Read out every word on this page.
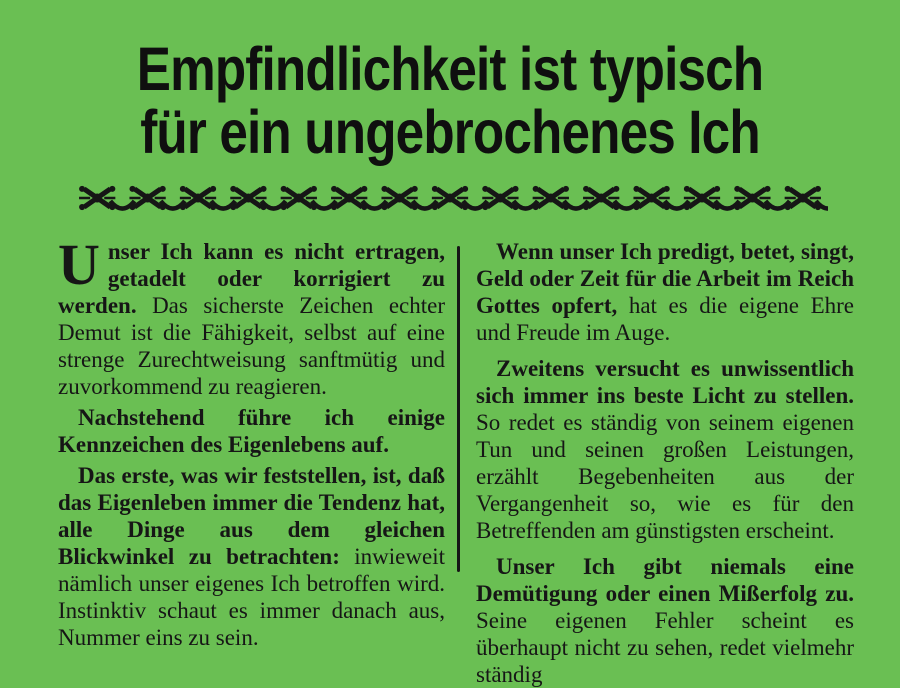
Empfindlichkeit ist typisch
für ein ungebrochenes Ich

Unser Ich kann es nicht ertragen, getadelt oder korrigiert zu werden. Das sicherste Zeichen echter Demut ist die Fähigkeit, selbst auf eine strenge Zurechtweisung sanftmütig und zuvorkommend zu reagieren.

Nachstehend führe ich einige Kennzeichen des Eigenlebens auf.

Das erste, was wir feststellen, ist, daß das Eigenleben immer die Tendenz hat, alle Dinge aus dem gleichen Blickwinkel zu betrachten: inwieweit nämlich unser eigenes Ich betroffen wird. Instinktiv schaut es immer danach aus, Nummer eins zu sein.

Wenn unser Ich predigt, betet, singt, Geld oder Zeit für die Arbeit im Reich Gottes opfert, hat es die eigene Ehre und Freude im Auge.

Zweitens versucht es unwissentlich sich immer ins beste Licht zu stellen. So redet es ständig von seinem eigenen Tun und seinen großen Leistungen, erzählt Begebenheiten aus der Vergangenheit so, wie es für den Betreffenden am günstigsten erscheint.

Unser Ich gibt niemals eine Demütigung oder einen Mißerfolg zu. Seine eigenen Fehler scheint es überhaupt nicht zu sehen, redet vielmehr ständig
